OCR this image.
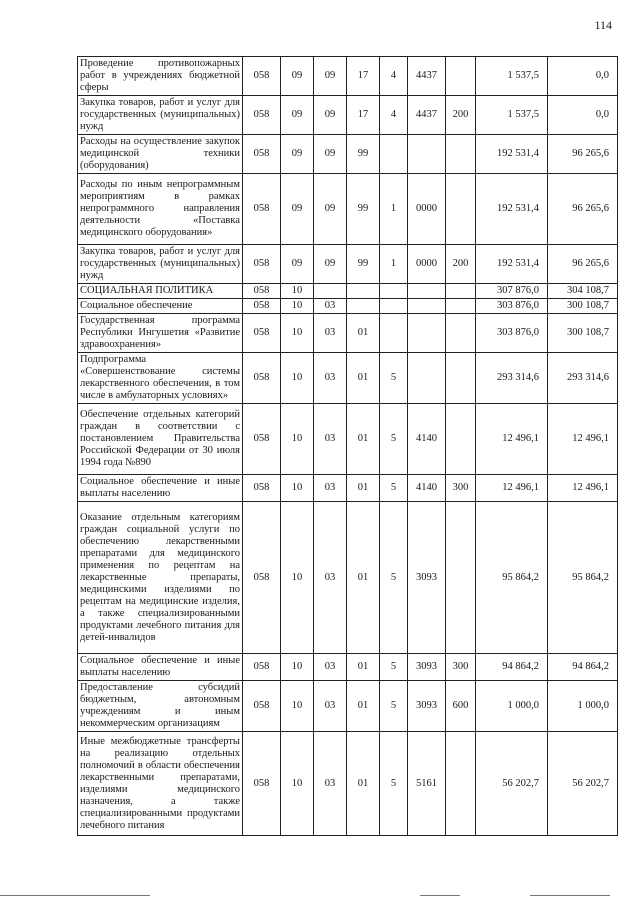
114
Проведение противопожарных работ в учреждениях бюджетной сферы	058	09	09	17	4	4437		1 537,5	0,0
Закупка товаров, работ и услуг для государственных (муниципальных) нужд	058	09	09	17	4	4437	200	1 537,5	0,0
Расходы на осуществление закупок медицинской техники (оборудования)	058	09	09	99				192 531,4	96 265,6
Расходы по иным непрограммным мероприятиям в рамках непрограммного направления деятельности «Поставка медицинского оборудования»	058	09	09	99	1	0000		192 531,4	96 265,6
Закупка товаров, работ и услуг для государственных (муниципальных) нужд	058	09	09	99	1	0000	200	192 531,4	96 265,6
СОЦИАЛЬНАЯ ПОЛИТИКА	058	10						307 876,0	304 108,7
Социальное обеспечение	058	10	03					303 876,0	300 108,7
Государственная программа Республики Ингушетия «Развитие здравоохранения»	058	10	03	01				303 876,0	300 108,7
Подпрограмма «Совершенствование системы лекарственного обеспечения, в том числе в амбулаторных условиях»	058	10	03	01	5			293 314,6	293 314,6
Обеспечение отдельных категорий граждан в соответствии с постановлением Правительства Российской Федерации от 30 июля 1994 года №890	058	10	03	01	5	4140		12 496,1	12 496,1
Социальное обеспечение и иные выплаты населению	058	10	03	01	5	4140	300	12 496,1	12 496,1
Оказание отдельным категориям граждан социальной услуги по обеспечению лекарственными препаратами для медицинского применения по рецептам на лекарственные препараты, медицинскими изделиями по рецептам на медицинские изделия, а также специализированными продуктами лечебного питания для детей-инвалидов	058	10	03	01	5	3093		95 864,2	95 864,2
Социальное обеспечение и иные выплаты населению	058	10	03	01	5	3093	300	94 864,2	94 864,2
Предоставление субсидий бюджетным, автономным учреждениям и иным некоммерческим организациям	058	10	03	01	5	3093	600	1 000,0	1 000,0
Иные межбюджетные трансферты на реализацию отдельных полномочий в области обеспечения лекарственными препаратами, изделиями медицинского назначения, а также специализированными продуктами лечебного питания	058	10	03	01	5	5161		56 202,7	56 202,7
